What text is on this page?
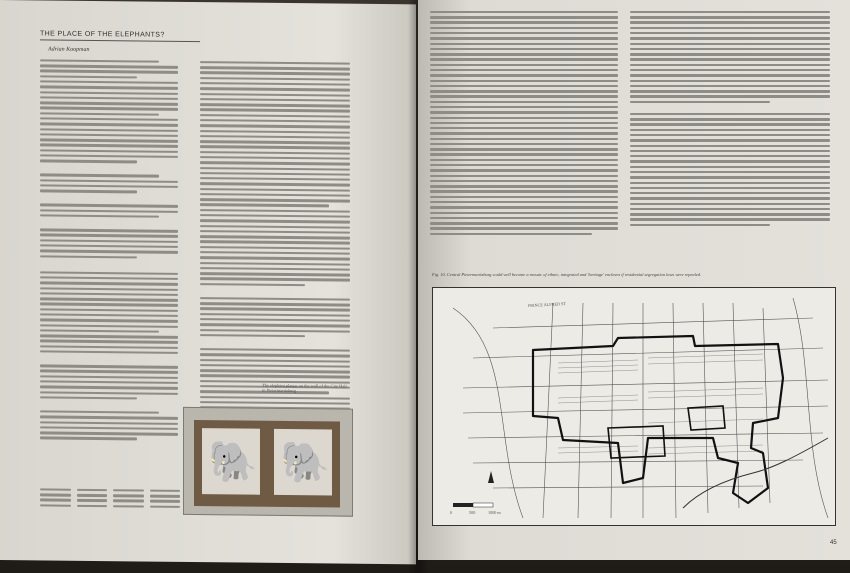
THE PLACE OF THE ELEPHANTS?
Adrian Koopman
The elephant plaque on the wall of the City Hall in Pietermaritzburg
🐘 🐘
Fig. 10. Central Pietermaritzburg could well become a mosaic of ethnic, integrated and 'heritage' enclaves if residential segregation laws were repealed.
0	500	1000 m
PRINCE ALFRED ST
45
